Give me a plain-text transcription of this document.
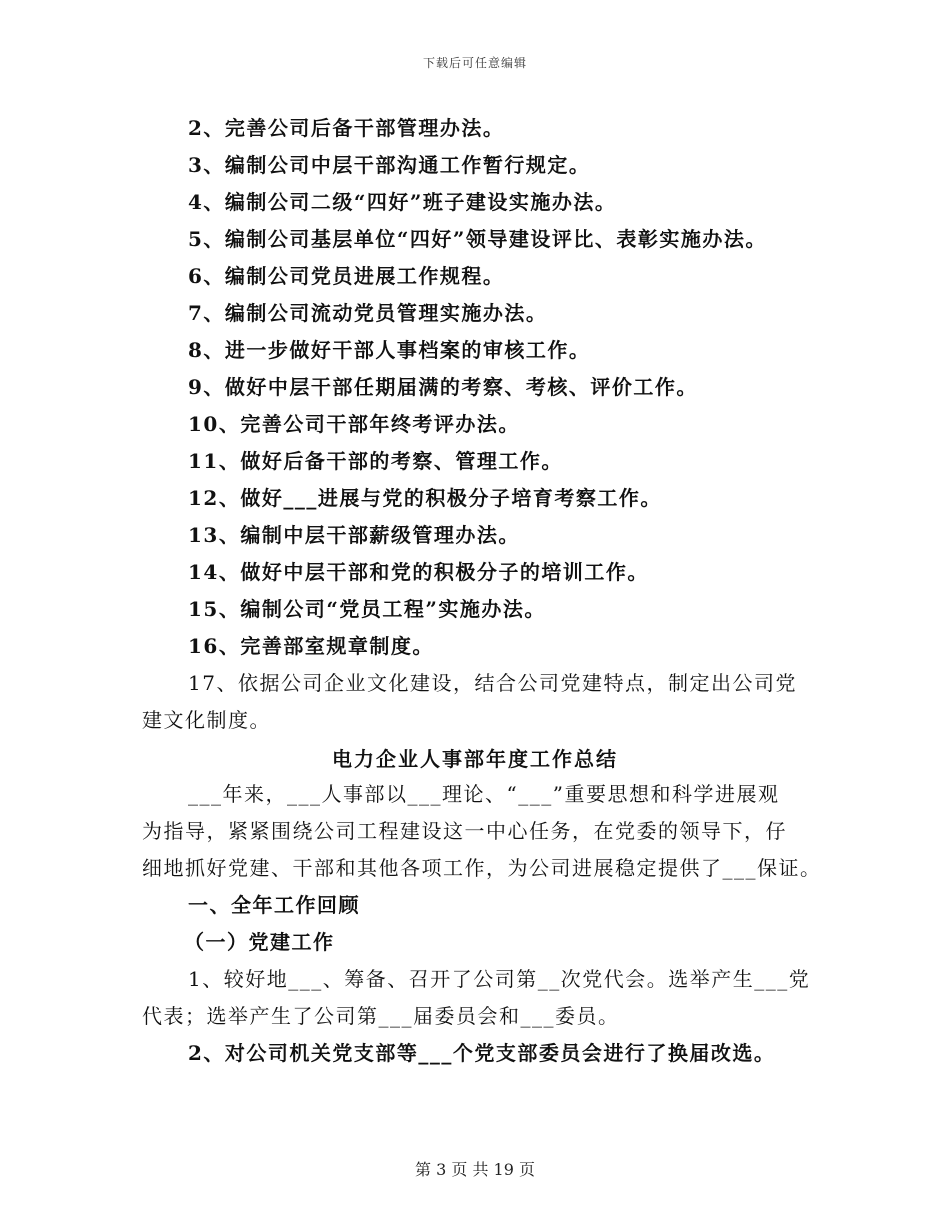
下载后可任意编辑
2、完善公司后备干部管理办法。
3、编制公司中层干部沟通工作暂行规定。
4、编制公司二级“四好”班子建设实施办法。
5、编制公司基层单位“四好”领导建设评比、表彰实施办法。
6、编制公司党员进展工作规程。
7、编制公司流动党员管理实施办法。
8、进一步做好干部人事档案的审核工作。
9、做好中层干部任期届满的考察、考核、评价工作。
10、完善公司干部年终考评办法。
11、做好后备干部的考察、管理工作。
12、做好___进展与党的积极分子培育考察工作。
13、编制中层干部薪级管理办法。
14、做好中层干部和党的积极分子的培训工作。
15、编制公司“党员工程”实施办法。
16、完善部室规章制度。
17、依据公司企业文化建设，结合公司党建特点，制定出公司党
建文化制度。
电力企业人事部年度工作总结
___年来，___人事部以___理论、“___”重要思想和科学进展观
为指导，紧紧围绕公司工程建设这一中心任务，在党委的领导下，仔
细地抓好党建、干部和其他各项工作，为公司进展稳定提供了___保证。
一、全年工作回顾
（一）党建工作
1、较好地___、筹备、召开了公司第__次党代会。选举产生___党
代表；选举产生了公司第___届委员会和___委员。
2、对公司机关党支部等___个党支部委员会进行了换届改选。
第 3 页 共 19 页
